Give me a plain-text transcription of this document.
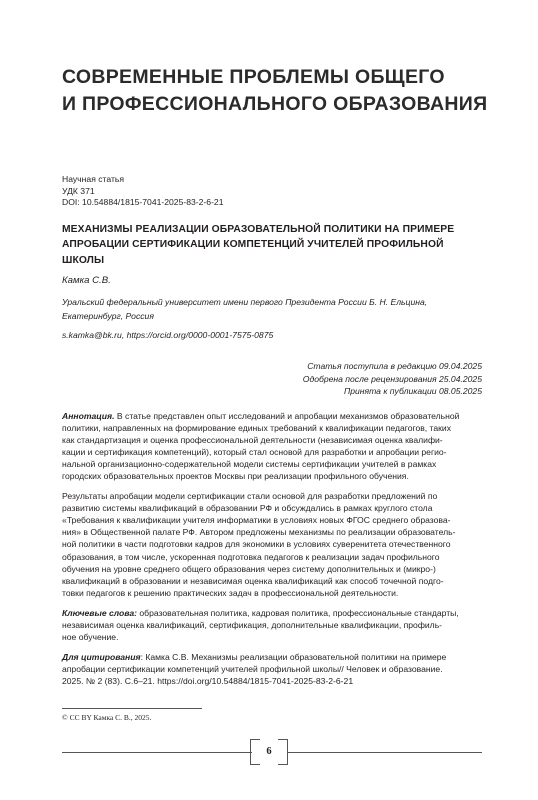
СОВРЕМЕННЫЕ ПРОБЛЕМЫ ОБЩЕГО
И ПРОФЕССИОНАЛЬНОГО ОБРАЗОВАНИЯ
Научная статья
УДК 371
DOI: 10.54884/1815-7041-2025-83-2-6-21
МЕХАНИЗМЫ РЕАЛИЗАЦИИ ОБРАЗОВАТЕЛЬНОЙ ПОЛИТИКИ НА ПРИМЕРЕ
АПРОБАЦИИ СЕРТИФИКАЦИИ КОМПЕТЕНЦИЙ УЧИТЕЛЕЙ ПРОФИЛЬНОЙ
ШКОЛЫ
Камка С.В.
Уральский федеральный университет имени первого Президента России Б. Н. Ельцина,
Екатеринбург, Россия
s.kamka@bk.ru, https://orcid.org/0000-0001-7575-0875
Статья поступила в редакцию 09.04.2025
Одобрена после рецензирования 25.04.2025
Принята к публикации 08.05.2025
Аннотация. В статье представлен опыт исследований и апробации механизмов образовательной
политики, направленных на формирование единых требований к квалификации педагогов, таких
как стандартизация и оценка профессиональной деятельности (независимая оценка квалифи-
кации и сертификация компетенций), который стал основой для разработки и апробации регио-
нальной организационно-содержательной модели системы сертификации учителей в рамках
городских образовательных проектов Москвы при реализации профильного обучения.
Результаты апробации модели сертификации стали основой для разработки предложений по
развитию системы квалификаций в образовании РФ и обсуждались в рамках круглого стола
«Требования к квалификации учителя информатики в условиях новых ФГОС среднего образова-
ния» в Общественной палате РФ. Автором предложены механизмы по реализации образователь-
ной политики в части подготовки кадров для экономики в условиях суверенитета отечественного
образования, в том числе, ускоренная подготовка педагогов к реализации задач профильного
обучения на уровне среднего общего образования через систему дополнительных и (микро-)
квалификаций в образовании и независимая оценка квалификаций как способ точечной подго-
товки педагогов к решению практических задач в профессиональной деятельности.
Ключевые слова: образовательная политика, кадровая политика, профессиональные стандарты,
независимая оценка квалификаций, сертификация, дополнительные квалификации, профиль-
ное обучение.
Для цитирования: Камка С.В. Механизмы реализации образовательной политики на примере
апробации сертификации компетенций учителей профильной школы// Человек и образование.
2025. № 2 (83). С.6–21. https://doi.org/10.54884/1815-7041-2025-83-2-6-21
© CC BY Камка С. В., 2025.
6
